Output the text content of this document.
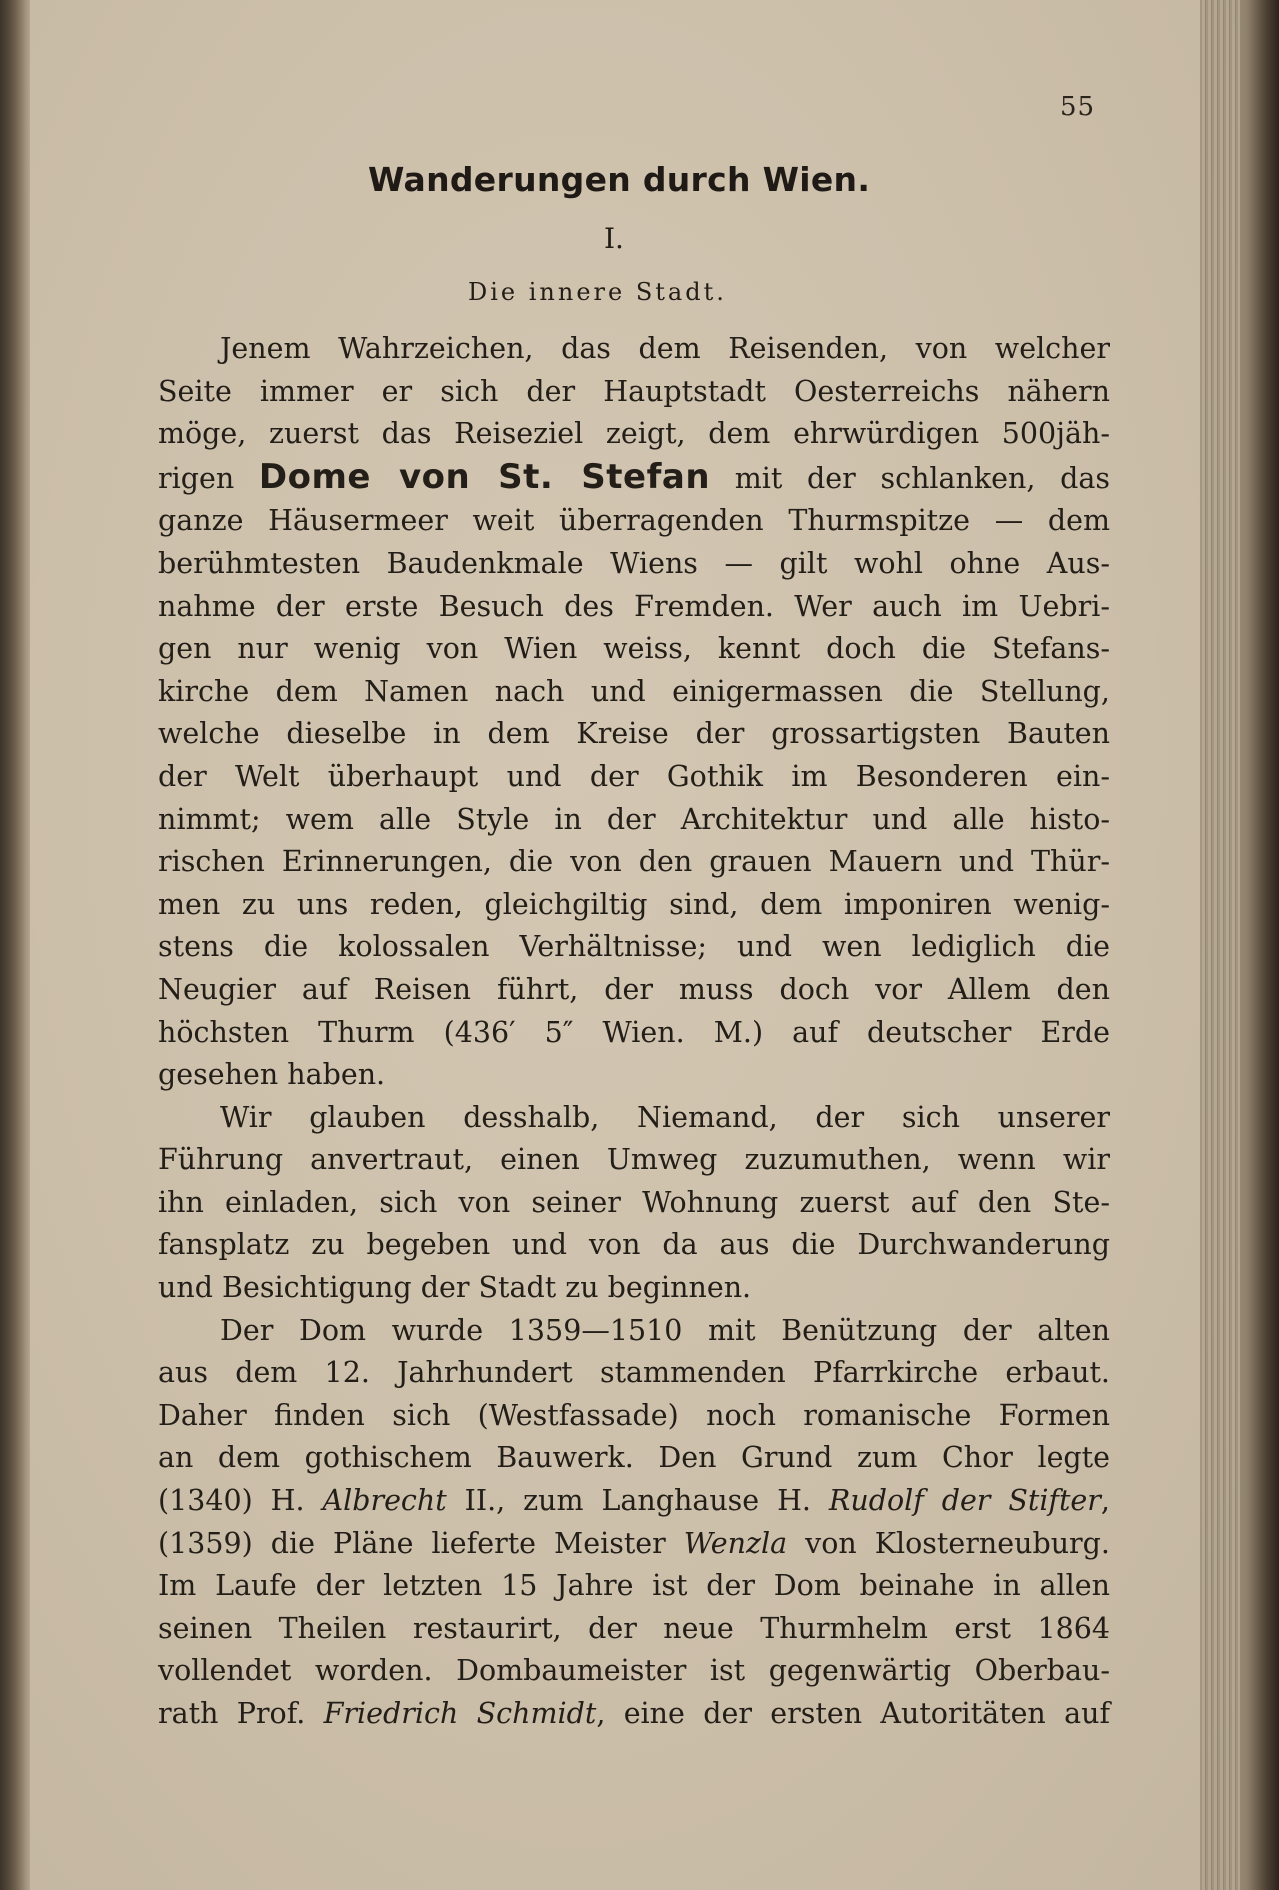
55
Wanderungen durch Wien.
I.
Die innere Stadt.
Jenem Wahrzeichen, das dem Reisenden, von welcher
Seite immer er sich der Hauptstadt Oesterreichs nähern
möge, zuerst das Reiseziel zeigt, dem ehrwürdigen 500jäh-
rigen Dome von St. Stefan mit der schlanken, das
ganze Häusermeer weit überragenden Thurmspitze — dem
berühmtesten Baudenkmale Wiens — gilt wohl ohne Aus-
nahme der erste Besuch des Fremden. Wer auch im Uebri-
gen nur wenig von Wien weiss, kennt doch die Stefans-
kirche dem Namen nach und einigermassen die Stellung,
welche dieselbe in dem Kreise der grossartigsten Bauten
der Welt überhaupt und der Gothik im Besonderen ein-
nimmt; wem alle Style in der Architektur und alle histo-
rischen Erinnerungen, die von den grauen Mauern und Thür-
men zu uns reden, gleichgiltig sind, dem imponiren wenig-
stens die kolossalen Verhältnisse; und wen lediglich die
Neugier auf Reisen führt, der muss doch vor Allem den
höchsten Thurm (436′ 5″ Wien. M.) auf deutscher Erde
gesehen haben.
Wir glauben desshalb, Niemand, der sich unserer
Führung anvertraut, einen Umweg zuzumuthen, wenn wir
ihn einladen, sich von seiner Wohnung zuerst auf den Ste-
fansplatz zu begeben und von da aus die Durchwanderung
und Besichtigung der Stadt zu beginnen.
Der Dom wurde 1359—1510 mit Benützung der alten
aus dem 12. Jahrhundert stammenden Pfarrkirche erbaut.
Daher finden sich (Westfassade) noch romanische Formen
an dem gothischem Bauwerk. Den Grund zum Chor legte
(1340) H. Albrecht II., zum Langhause H. Rudolf der Stifter,
(1359) die Pläne lieferte Meister Wenzla von Klosterneuburg.
Im Laufe der letzten 15 Jahre ist der Dom beinahe in allen
seinen Theilen restaurirt, der neue Thurmhelm erst 1864
vollendet worden. Dombaumeister ist gegenwärtig Oberbau-
rath Prof. Friedrich Schmidt, eine der ersten Autoritäten auf
